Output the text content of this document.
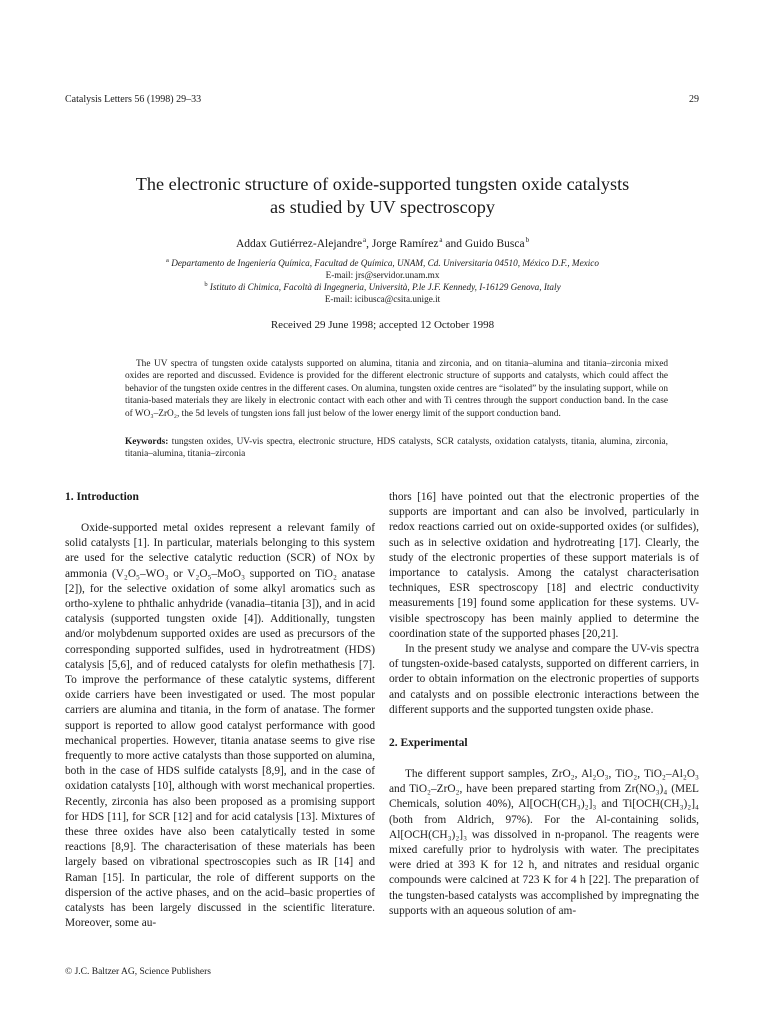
Catalysis Letters 56 (1998) 29–33	29
The electronic structure of oxide-supported tungsten oxide catalysts
as studied by UV spectroscopy
Addax Gutiérrez-Alejandre $^a$, Jorge Ramírez $^a$ and Guido Busca $^b$
$^a$ Departamento de Ingeniería Química, Facultad de Química, UNAM, Cd. Universitaria 04510, México D.F., Mexico
E-mail: jrs@servidor.unam.mx
$^b$ Istituto di Chimica, Facoltà di Ingegneria, Università, P.le J.F. Kennedy, I-16129 Genova, Italy
E-mail: icibusca@csita.unige.it
Received 29 June 1998; accepted 12 October 1998
The UV spectra of tungsten oxide catalysts supported on alumina, titania and zirconia, and on titania–alumina and titania–zirconia mixed oxides are reported and discussed. Evidence is provided for the different electronic structure of supports and catalysts, which could affect the behavior of the tungsten oxide centres in the different cases. On alumina, tungsten oxide centres are “isolated” by the insulating support, while on titania-based materials they are likely in electronic contact with each other and with Ti centres through the support conduction band. In the case of WO₃–ZrO₂, the 5d levels of tungsten ions fall just below of the lower energy limit of the support conduction band.
Keywords: tungsten oxides, UV-vis spectra, electronic structure, HDS catalysts, SCR catalysts, oxidation catalysts, titania, alumina, zirconia, titania–alumina, titania–zirconia

1. Introduction

Oxide-supported metal oxides represent a relevant family of solid catalysts [1]. In particular, materials belonging to this system are used for the selective catalytic reduction (SCR) of NOx by ammonia (V₂O₅–WO₃ or V₂O₅–MoO₃ supported on TiO₂ anatase [2]), for the selective oxidation of some alkyl aromatics such as ortho-xylene to phthalic anhydride (vanadia–titania [3]), and in acid catalysis (supported tungsten oxide [4]). Additionally, tungsten and/or molybdenum supported oxides are used as precursors of the corresponding supported sulfides, used in hydrotreatment (HDS) catalysis [5,6], and of reduced catalysts for olefin methathesis [7]. To improve the performance of these catalytic systems, different oxide carriers have been investigated or used. The most popular carriers are alumina and titania, in the form of anatase. The former support is reported to allow good catalyst performance with good mechanical properties. However, titania anatase seems to give rise frequently to more active catalysts than those supported on alumina, both in the case of HDS sulfide catalysts [8,9], and in the case of oxidation catalysts [10], although with worst mechanical properties. Recently, zirconia has also been proposed as a promising support for HDS [11], for SCR [12] and for acid catalysis [13]. Mixtures of these three oxides have also been catalytically tested in some reactions [8,9]. The characterisation of these materials has been largely based on vibrational spectroscopies such as IR [14] and Raman [15]. In particular, the role of different supports on the dispersion of the active phases, and on the acid–basic properties of catalysts has been largely discussed in the scientific literature. Moreover, some au-

thors [16] have pointed out that the electronic properties of the supports are important and can also be involved, particularly in redox reactions carried out on oxide-supported oxides (or sulfides), such as in selective oxidation and hydrotreating [17]. Clearly, the study of the electronic properties of these support materials is of importance to catalysis. Among the catalyst characterisation techniques, ESR spectroscopy [18] and electric conductivity measurements [19] found some application for these systems. UV-visible spectroscopy has been mainly applied to determine the coordination state of the supported phases [20,21].

In the present study we analyse and compare the UV-vis spectra of tungsten-oxide-based catalysts, supported on different carriers, in order to obtain information on the electronic properties of supports and catalysts and on possible electronic interactions between the different supports and the supported tungsten oxide phase.

2. Experimental

The different support samples, ZrO₂, Al₂O₃, TiO₂, TiO₂–Al₂O₃ and TiO₂–ZrO₂, have been prepared starting from Zr(NO₃)₄ (MEL Chemicals, solution 40%), Al[OCH(CH₃)₂]₃ and Ti[OCH(CH₃)₂]₄ (both from Aldrich, 97%). For the Al-containing solids, Al[OCH(CH₃)₂]₃ was dissolved in n-propanol. The reagents were mixed carefully prior to hydrolysis with water. The precipitates were dried at 393 K for 12 h, and nitrates and residual organic compounds were calcined at 723 K for 4 h [22]. The preparation of the tungsten-based catalysts was accomplished by impregnating the supports with an aqueous solution of am-

© J.C. Baltzer AG, Science Publishers
